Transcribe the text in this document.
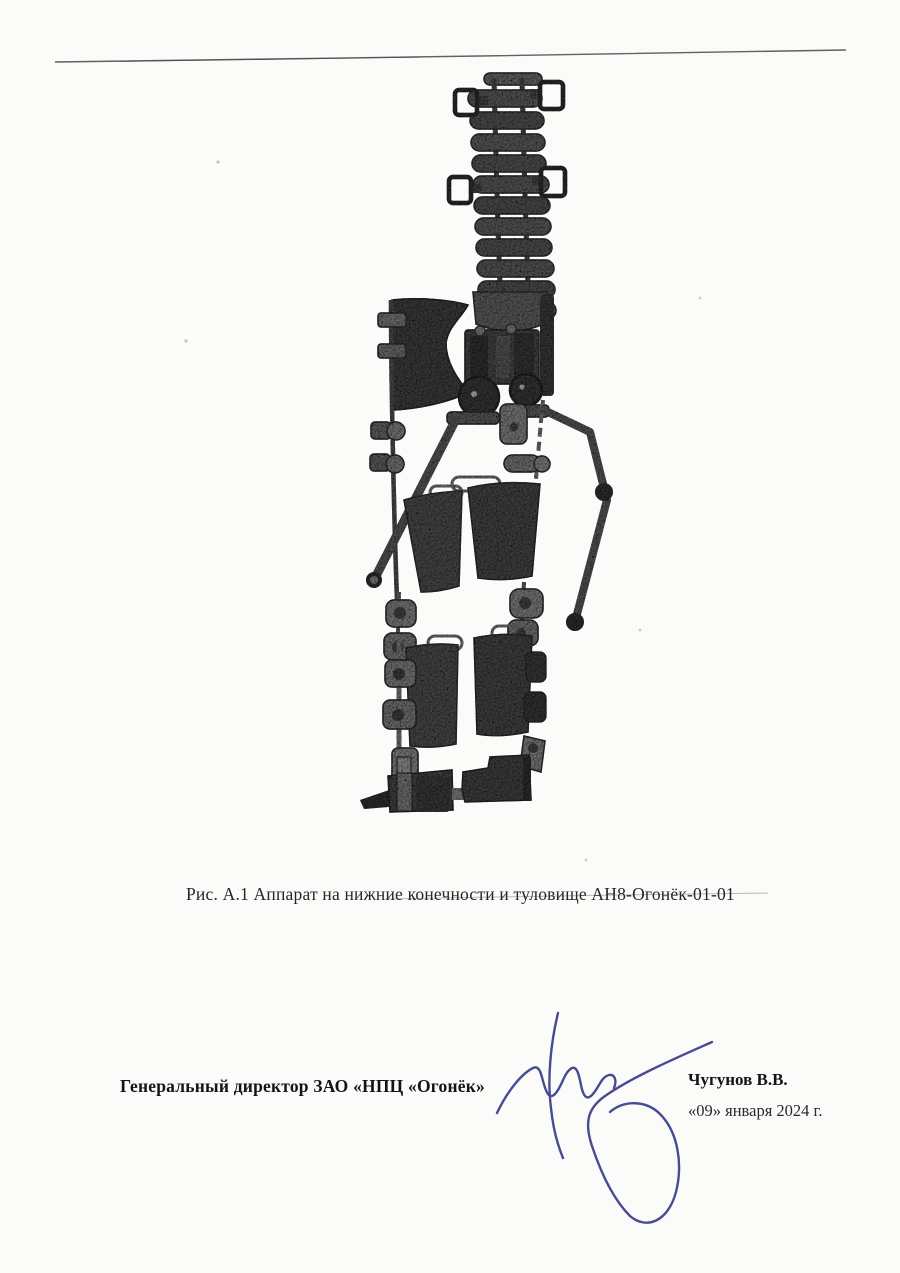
Рис. А.1 Аппарат на нижние конечности и туловище АН8-Огонёк-01-01
Генеральный директор ЗАО «НПЦ «Огонёк»	Чугунов В.В.
«09» января 2024 г.
